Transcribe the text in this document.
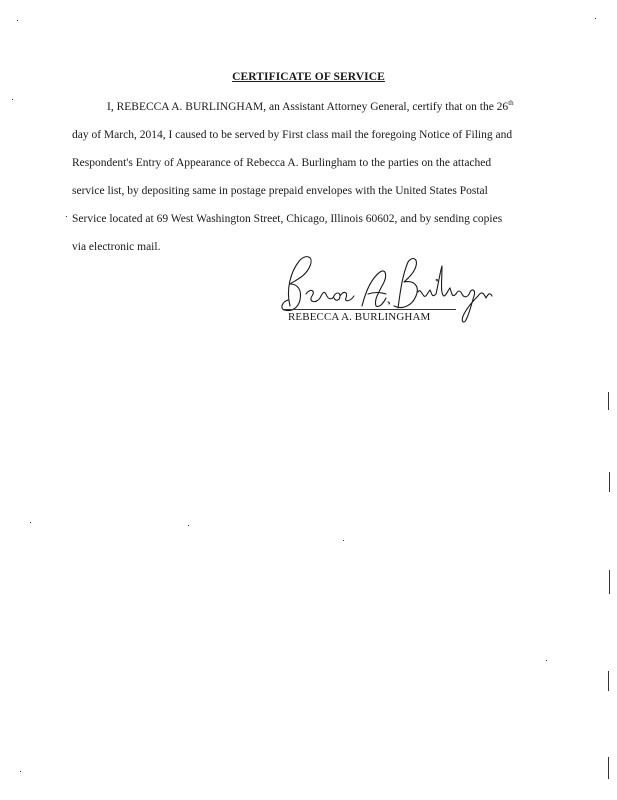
CERTIFICATE OF SERVICE
I, REBECCA A. BURLINGHAM, an Assistant Attorney General, certify that on the 26th
day of March, 2014, I caused to be served by First class mail the foregoing Notice of Filing and
Respondent's Entry of Appearance of Rebecca A. Burlingham to the parties on the attached
service list, by depositing same in postage prepaid envelopes with the United States Postal
Service located at 69 West Washington Street, Chicago, Illinois 60602, and by sending copies
via electronic mail.
REBECCA A. BURLINGHAM
